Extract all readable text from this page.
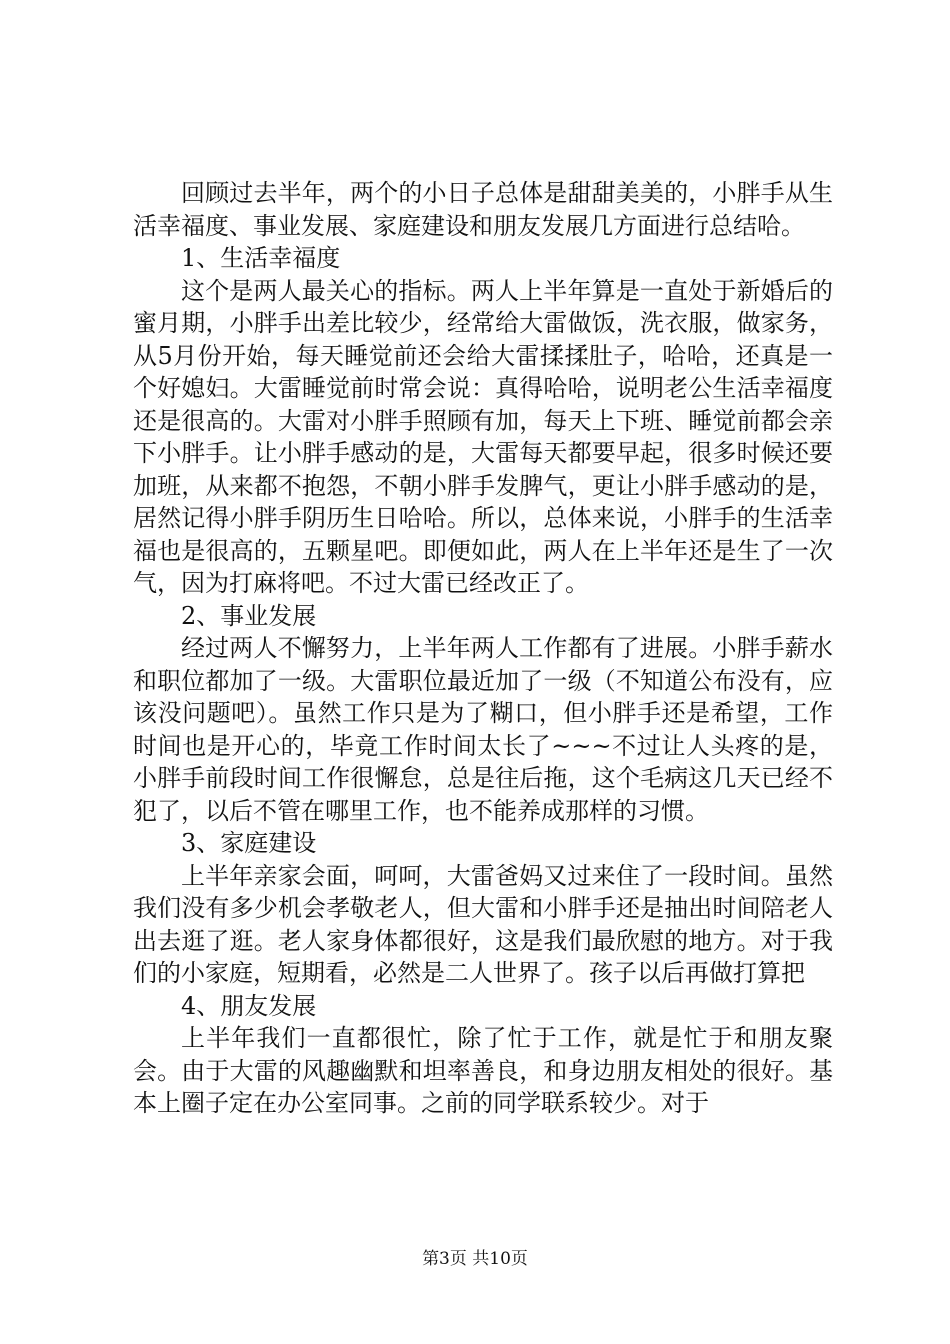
回顾过去半年，两个的小日子总体是甜甜美美的，小胖手从生活幸福度、事业发展、家庭建设和朋友发展几方面进行总结哈。

1、生活幸福度

这个是两人最关心的指标。两人上半年算是一直处于新婚后的蜜月期，小胖手出差比较少，经常给大雷做饭，洗衣服，做家务，从5月份开始，每天睡觉前还会给大雷揉揉肚子，哈哈，还真是一个好媳妇。大雷睡觉前时常会说：真得哈哈，说明老公生活幸福度还是很高的。大雷对小胖手照顾有加，每天上下班、睡觉前都会亲下小胖手。让小胖手感动的是，大雷每天都要早起，很多时候还要加班，从来都不抱怨，不朝小胖手发脾气，更让小胖手感动的是，居然记得小胖手阴历生日哈哈。所以，总体来说，小胖手的生活幸福也是很高的，五颗星吧。即便如此，两人在上半年还是生了一次气，因为打麻将吧。不过大雷已经改正了。

2、事业发展

经过两人不懈努力，上半年两人工作都有了进展。小胖手薪水和职位都加了一级。大雷职位最近加了一级（不知道公布没有，应该没问题吧）。虽然工作只是为了糊口，但小胖手还是希望，工作时间也是开心的，毕竟工作时间太长了~~~不过让人头疼的是，小胖手前段时间工作很懈怠，总是往后拖，这个毛病这几天已经不犯了，以后不管在哪里工作，也不能养成那样的习惯。

3、家庭建设

上半年亲家会面，呵呵，大雷爸妈又过来住了一段时间。虽然我们没有多少机会孝敬老人，但大雷和小胖手还是抽出时间陪老人出去逛了逛。老人家身体都很好，这是我们最欣慰的地方。对于我们的小家庭，短期看，必然是二人世界了。孩子以后再做打算把

4、朋友发展

上半年我们一直都很忙，除了忙于工作，就是忙于和朋友聚会。由于大雷的风趣幽默和坦率善良，和身边朋友相处的很好。基本上圈子定在办公室同事。之前的同学联系较少。对于

第3页 共10页
